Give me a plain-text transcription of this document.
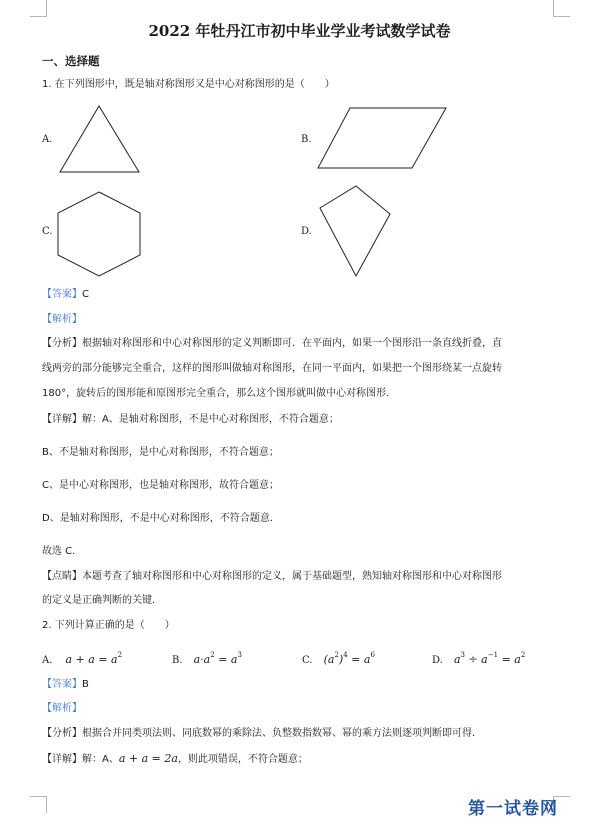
2022 年牡丹江市初中毕业学业考试数学试卷
一、选择题
1. 在下列图形中，既是轴对称图形又是中心对称图形的是（　　）
A.	B.
C.	D.
【答案】C
【解析】
【分析】根据轴对称图形和中心对称图形的定义判断即可．在平面内，如果一个图形沿一条直线折叠，直
线两旁的部分能够完全重合，这样的图形叫做轴对称图形，在同一平面内，如果把一个图形绕某一点旋转
180°，旋转后的图形能和原图形完全重合，那么这个图形就叫做中心对称图形．
【详解】解：A、是轴对称图形，不是中心对称图形，不符合题意；
B、不是轴对称图形，是中心对称图形，不符合题意；
C、是中心对称图形，也是轴对称图形，故符合题意；
D、是轴对称图形，不是中心对称图形，不符合题意．
故选 C.
【点睛】本题考查了轴对称图形和中心对称图形的定义，属于基础题型，熟知轴对称图形和中心对称图形
的定义是正确判断的关键．
2. 下列计算正确的是（　　）
A. $a + a = a^2$	B. $a\cdot a^2 = a^3$	C. $(a^2)^4 = a^6$	D. $a^3 \div a^{-1} = a^2$
【答案】B
【解析】
【分析】根据合并同类项法则、同底数幂的乘除法、负整数指数幂、幂的乘方法则逐项判断即可得．
【详解】解：A、a + a = 2a，则此项错误，不符合题意；
第一试卷网
